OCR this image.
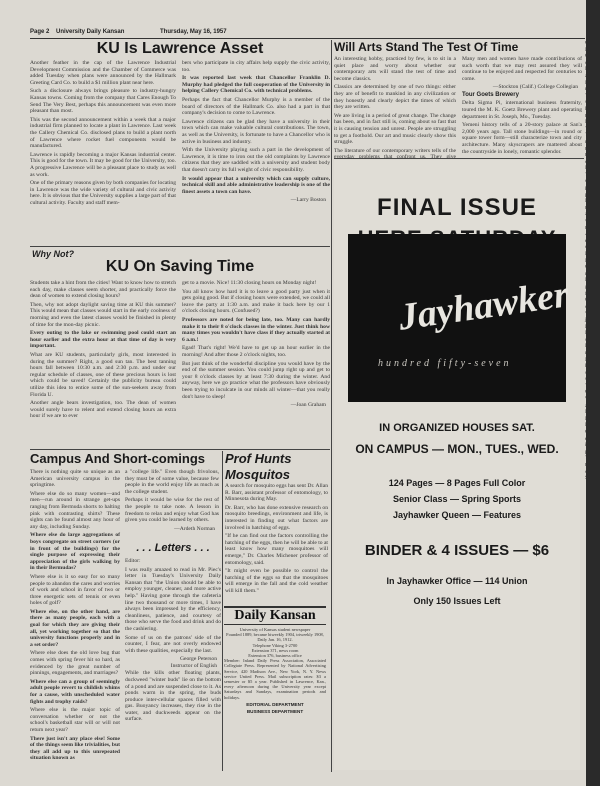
Page 2 University Daily Kansan	Thursday, May 16, 1957
KU Is Lawrence Asset

Another feather in the cap of the Lawrence Industrial Development Commission and the Chamber of Commerce was added Tuesday when plans were announced by the Hallmark Greeting Card Co. to build a $1 million plant near here.

Such a disclosure always brings pleasure to industry-hungry Kansas towns. Coming from the company that Cares Enough To Send The Very Best, perhaps this announcement was even more pleasant than most.

This was the second announcement within a week that a major industrial firm planned to locate a plant in Lawrence. Last week the Callery Chemical Co. disclosed plans to build a plant north of Lawrence where rocket fuel components would be manufactured.

Lawrence is rapidly becoming a major Kansas industrial center. This is good for the town. It may be good for the University, too. A progressive Lawrence will be a pleasant place to study as well as work.

One of the primary reasons given by both companies for locating in Lawrence was the wide variety of cultural and civic activity here. It is obvious that the University supplies a large part of that cultural activity. Faculty and staff mem-

bers who participate in city affairs help supply the civic activity, too.

It was reported last week that Chancellor Franklin D. Murphy had pledged the full cooperation of the University in helping Callery Chemical Co. with technical problems.

Perhaps the fact that Chancellor Murphy is a member of the board of directors of the Hallmark Co. also had a part in that company's decision to come to Lawrence.

Lawrence citizens can be glad they have a university in their town which can make valuable cultural contributions. The town, as well as the University, is fortunate to have a Chancellor who is active in business and industry.

With the University playing such a part in the development of Lawrence, it is time to iron out the old complaints by Lawrence citizens that they are saddled with a university and student body that doesn't carry its full weight of civic responsibility.

It would appear that a university which can supply culture, technical skill and able administrative leadership is one of the finest assets a town can have.

—Larry Boston
Why Not?
KU On Saving Time

Students take a hint from the cities! Want to know how to stretch each day, make classes seem shorter, and practically force the dean of women to extend closing hours?

Then, why not adopt daylight saving time at KU this summer? This would mean that classes would start in the early coolness of morning and even the latest classes would be finished in plenty of time for the mon-day picnic.

Every outing to the lake or swimming pool could start an hour earlier and the extra hour at that time of day is very important.

What are KU students, particularly girls, most interested in during the summer? Right, a good sun tan. The best tanning hours fall between 10:30 a.m. and 2:30 p.m. and under our regular schedule of classes, one of these precious hours is lost which could be saved! Certainly the publicity bureau could utilize this idea to entice some of the sun-seekers away from Florida U.

Another angle bears investigation, too. The dean of women would surely have to relent and extend closing hours an extra hour if we are to ever

get to a movie. Nice! 11:30 closing hours on Monday night!

You all know how hard it is to leave a good party just when it gets going good. But if closing hours were extended, we could all leave the party at 1:30 a.m. and make it back here by our 1 o'clock closing hours. (Confused?)

Professors are noted for being late, too. Many can hardly make it to their 8 o'clock classes in the winter. Just think how many times you wouldn't have class if they actually started at 6 a.m.!

Egad! That's right! We'd have to get up an hour earlier in the morning! And after those 2 o'clock nights, too.

But just think of the wonderful discipline you would have by the end of the summer session. You could jump right up and get to your 8 o'clock classes by at least 7:30 during the winter. And anyway, here we go practice what the professors have obviously been trying to inculcate in our minds all winter—that you really don't have to sleep!

—Joan Graham
Campus And Short-comings

There is nothing quite so unique as an American university campus in the springtime.

Where else do so many women—and men—run around in strange get-ups ranging from Bermuda shorts to halting pink with contrasting shirts? These sights can be found almost any hour of any day, including Sunday.

Where else do large aggregations of boys congregate on street corners (or in front of the buildings) for the single purpose of expressing their appreciation of the girls walking by in their Bermudas?

Where else is it so easy for so many people to abandon the cares and worries of work and school in favor of two or three energetic sets of tennis or even holes of golf?

Where else, on the other hand, are there as many people, each with a goal for which they are giving their all, yet working together so that the university functions properly and in a set order?

Where else does the old love bug that comes with spring fever hit so hard, as evidenced by the great number of pinnings, engagements, and marriages?

Where else can a group of seemingly adult people revert to childish whims for a cause, with unscheduled water fights and trophy raids?

Where else is the major topic of conversation whether or not the school's basketball star will or will not return next year?

There just isn't any place else! Some of the things seem like trivialities, but they all add up to this unrepeated situation known as

a "college life." Even though frivolous, they must be of some value, because few people in the world enjoy life as much as the college student.

Perhaps it would be wise for the rest of the people to take note. A lesson in freedom to relax and enjoy what God has given you could be learned by others.

—Ardeth Norman
. . . Letters . . .

Editor:

I was really amazed to read in Mr. Piec's letter in Tuesday's University Daily Kansan that "the Union should be able to employ younger, cleaner, and more active help." Having gone through the cafeteria line two thousand or more times, I have always been impressed by the efficiency, cleanliness, patience, and courtesy of those who serve the food and drink and do the cashiering.

Some of us on the patrons' side of the counter, I fear, are not overly endowed with these qualities, especially the last.

George Peterson
Instructor of English

While the kills other floating plants, duckweed "winter buds" lie on the bottom of a pond and are suspended close to it. As ponds warm in the spring, the buds produce inter-cellular spaces filled with gas. Buoyancy increases, they rise in the water, and duckweeds appear on the surface.

Prof Hunts Mosquitos

A search for mosquito eggs has sent Dr. Allan R. Barr, assistant professor of entomology, to Minnesota during May.

Dr. Barr, who has done extensive research on mosquito breedings, environment and life, is interested in finding out what factors are involved in hatching of eggs.

"If he can find out the factors controlling the hatching of the eggs, then he will be able to at least know how many mosquitoes will emerge," Dr. Charles Michener professor of entomology, said.

"It might even be possible to control the hatching of the eggs so that the mosquitoes will emerge in the fall and the cold weather will kill them."

Daily Kansan
University of Kansas student newspaper
Founded 1889, became biweekly 1904, triweekly 1908, Daily Jan. 16, 1912.
Telephone Viking 3-2700
Extension 371, news room
Extension 376, business office
Member: Inland Daily Press Association, Associated Collegiate Press. Represented by National Advertising Service, 420 Madison Ave., New York, N. Y. News service United Press. Mail subscription rates: $3 a semester or $5 a year. Published in Lawrence, Kan., every afternoon during the University year except Saturdays and Sundays, examination periods and holidays.
EDITORIAL DEPARTMENT
BUSINESS DEPARTMENT
Will Arts Stand The Test Of Time

An interesting hobby, practiced by few, is to sit in a quiet place and worry about whether our contemporary arts will stand the test of time and become classics.

Classics are determined by one of two things: either they are of benefit to mankind in any civilization or they honestly and clearly depict the times of which they are written.

We are living in a period of great change. The change has been, and in fact still is, coming about so fast that it is causing tension and unrest. People are struggling to get a foothold. Our art and music clearly show this struggle.

The literature of our contemporary writers tells of the

Many men and women have made contributions of such worth that we may rest assured they will continue to be enjoyed and respected for centuries to come.

—Stockton (Calif.) College Collegian
Tour Goets Brewery

Delta Sigma Pi, international business fraternity, toured the M. K. Goetz Brewery plant and operating department in St. Joseph, Mo., Tuesday.

Yemeni history tells of a 20-story palace at San'a 2,000 years ago. Tall stone buildings—in round or square tower form—still characterize town and city architecture. Many skyscrapers are mattered about the countryside in lonely, romantic splendor.

FINAL ISSUE
Jayhawker
hundred fifty-seven
IN ORGANIZED HOUSES SAT.
ON CAMPUS — MON., TUES., WED.
124 Pages — 8 Pages Full Color
Senior Class — Spring Sports
Jayhawker Queen — Features
BINDER & 4 ISSUES — $6
In Jayhawker Office — 114 Union
Only 150 Issues Left
